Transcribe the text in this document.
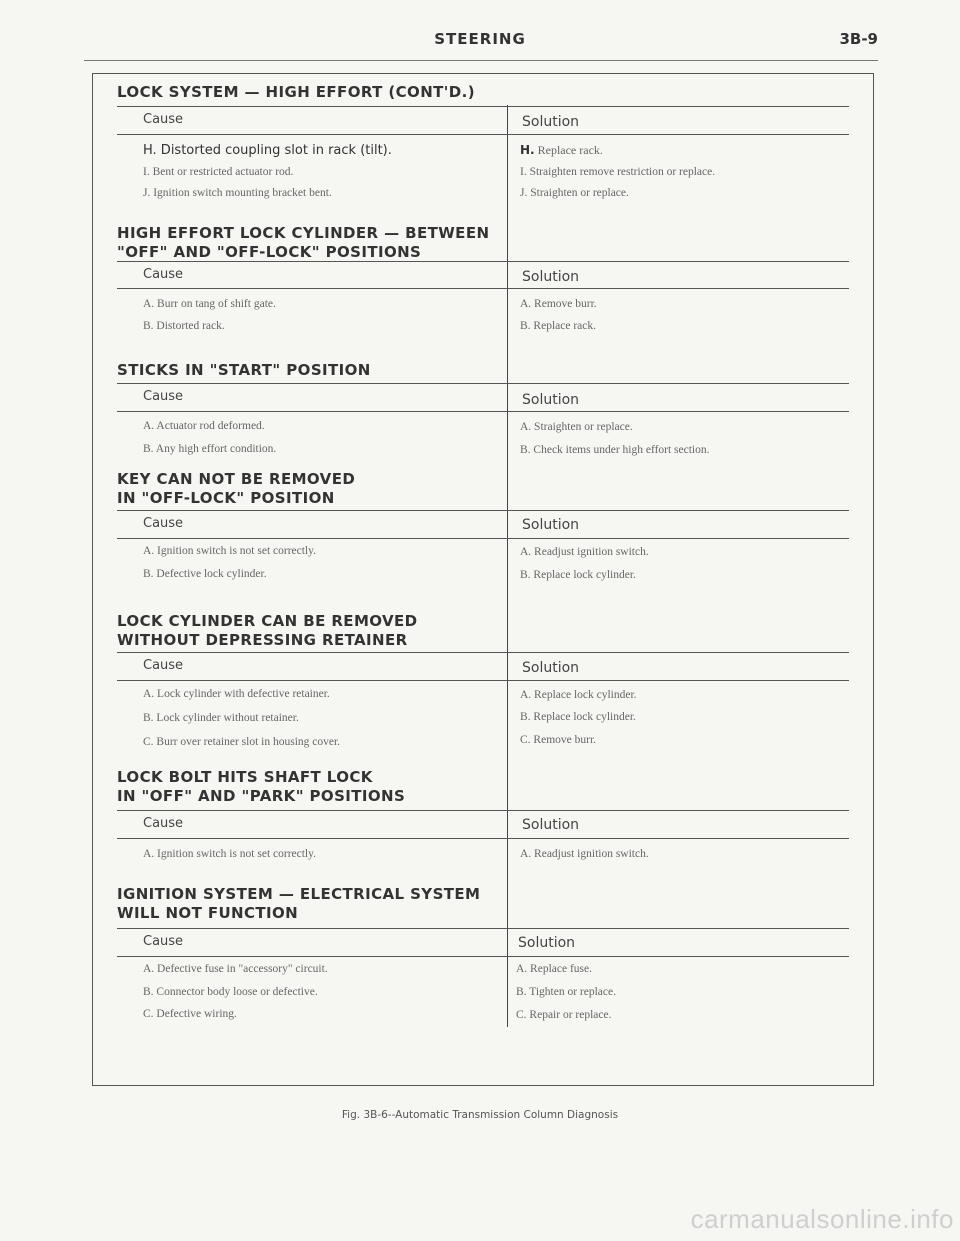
STEERING	3B-9
LOCK SYSTEM — HIGH EFFORT (CONT'D.)
Cause	Solution
H. Distorted coupling slot in rack (tilt).	H. Replace rack.
I. Bent or restricted actuator rod.	I. Straighten remove restriction or replace.
J. Ignition switch mounting bracket bent.	J. Straighten or replace.
HIGH EFFORT LOCK CYLINDER — BETWEEN
"OFF" AND "OFF-LOCK" POSITIONS
Cause	Solution
A. Burr on tang of shift gate.	A. Remove burr.
B. Distorted rack.	B. Replace rack.
STICKS IN "START" POSITION
Cause	Solution
A. Actuator rod deformed.	A. Straighten or replace.
B. Any high effort condition.	B. Check items under high effort section.
KEY CAN NOT BE REMOVED
IN "OFF-LOCK" POSITION
Cause	Solution
A. Ignition switch is not set correctly.	A. Readjust ignition switch.
B. Defective lock cylinder.	B. Replace lock cylinder.
LOCK CYLINDER CAN BE REMOVED
WITHOUT DEPRESSING RETAINER
Cause	Solution
A. Lock cylinder with defective retainer.	A. Replace lock cylinder.
B. Lock cylinder without retainer.	B. Replace lock cylinder.
C. Burr over retainer slot in housing cover.	C. Remove burr.
LOCK BOLT HITS SHAFT LOCK
IN "OFF" AND "PARK" POSITIONS
Cause	Solution
A. Ignition switch is not set correctly.	A. Readjust ignition switch.
IGNITION SYSTEM — ELECTRICAL SYSTEM
WILL NOT FUNCTION
Cause	Solution
A. Defective fuse in "accessory" circuit.	A. Replace fuse.
B. Connector body loose or defective.	B. Tighten or replace.
C. Defective wiring.	C. Repair or replace.
Fig. 3B-6--Automatic Transmission Column Diagnosis
carmanualsonline.info
